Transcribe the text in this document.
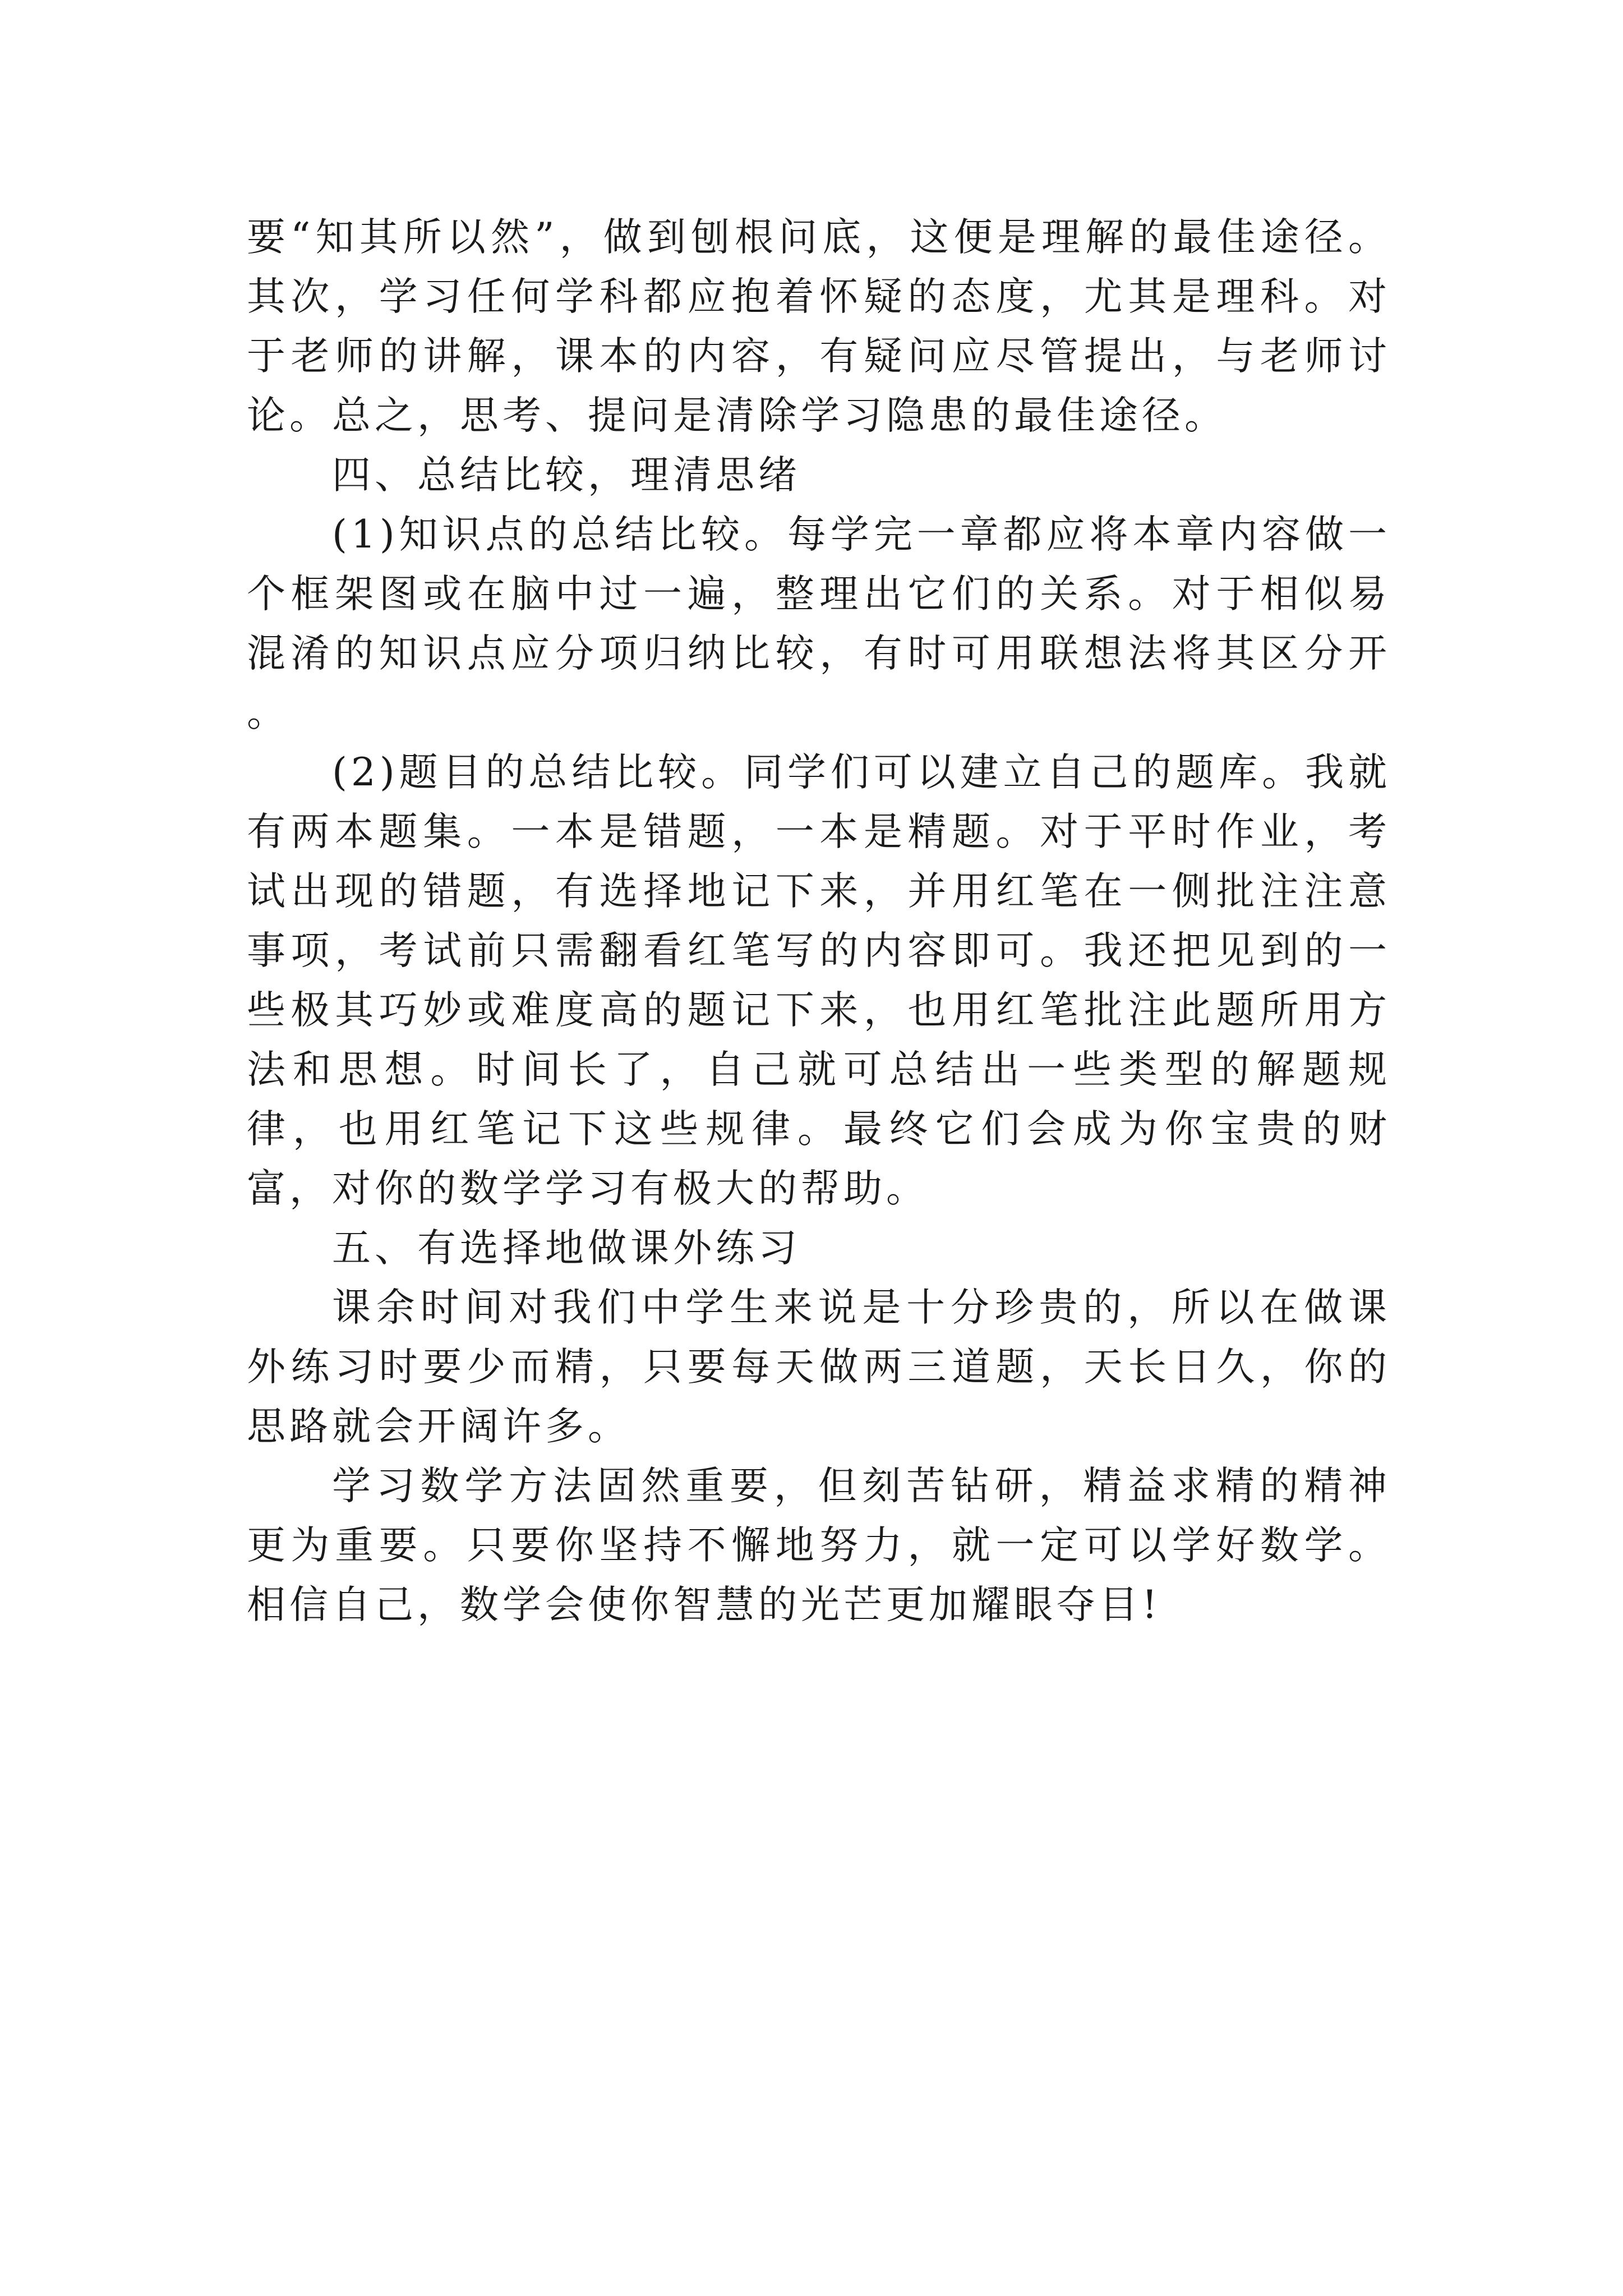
要“知其所以然”，做到刨根问底，这便是理解的最佳途径。其次，学习任何学科都应抱着怀疑的态度，尤其是理科。对于老师的讲解，课本的内容，有疑问应尽管提出，与老师讨论。总之，思考、提问是清除学习隐患的最佳途径。

四、总结比较，理清思绪

(1)知识点的总结比较。每学完一章都应将本章内容做一个框架图或在脑中过一遍，整理出它们的关系。对于相似易混淆的知识点应分项归纳比较，有时可用联想法将其区分开 。

(2)题目的总结比较。同学们可以建立自己的题库。我就有两本题集。一本是错题，一本是精题。对于平时作业，考试出现的错题，有选择地记下来，并用红笔在一侧批注注意事项，考试前只需翻看红笔写的内容即可。我还把见到的一些极其巧妙或难度高的题记下来，也用红笔批注此题所用方法和思想。时间长了，自己就可总结出一些类型的解题规律，也用红笔记下这些规律。最终它们会成为你宝贵的财富，对你的数学学习有极大的帮助。

五、有选择地做课外练习

课余时间对我们中学生来说是十分珍贵的，所以在做课外练习时要少而精，只要每天做两三道题，天长日久，你的思路就会开阔许多。

学习数学方法固然重要，但刻苦钻研，精益求精的精神更为重要。只要你坚持不懈地努力，就一定可以学好数学。相信自己，数学会使你智慧的光芒更加耀眼夺目!
